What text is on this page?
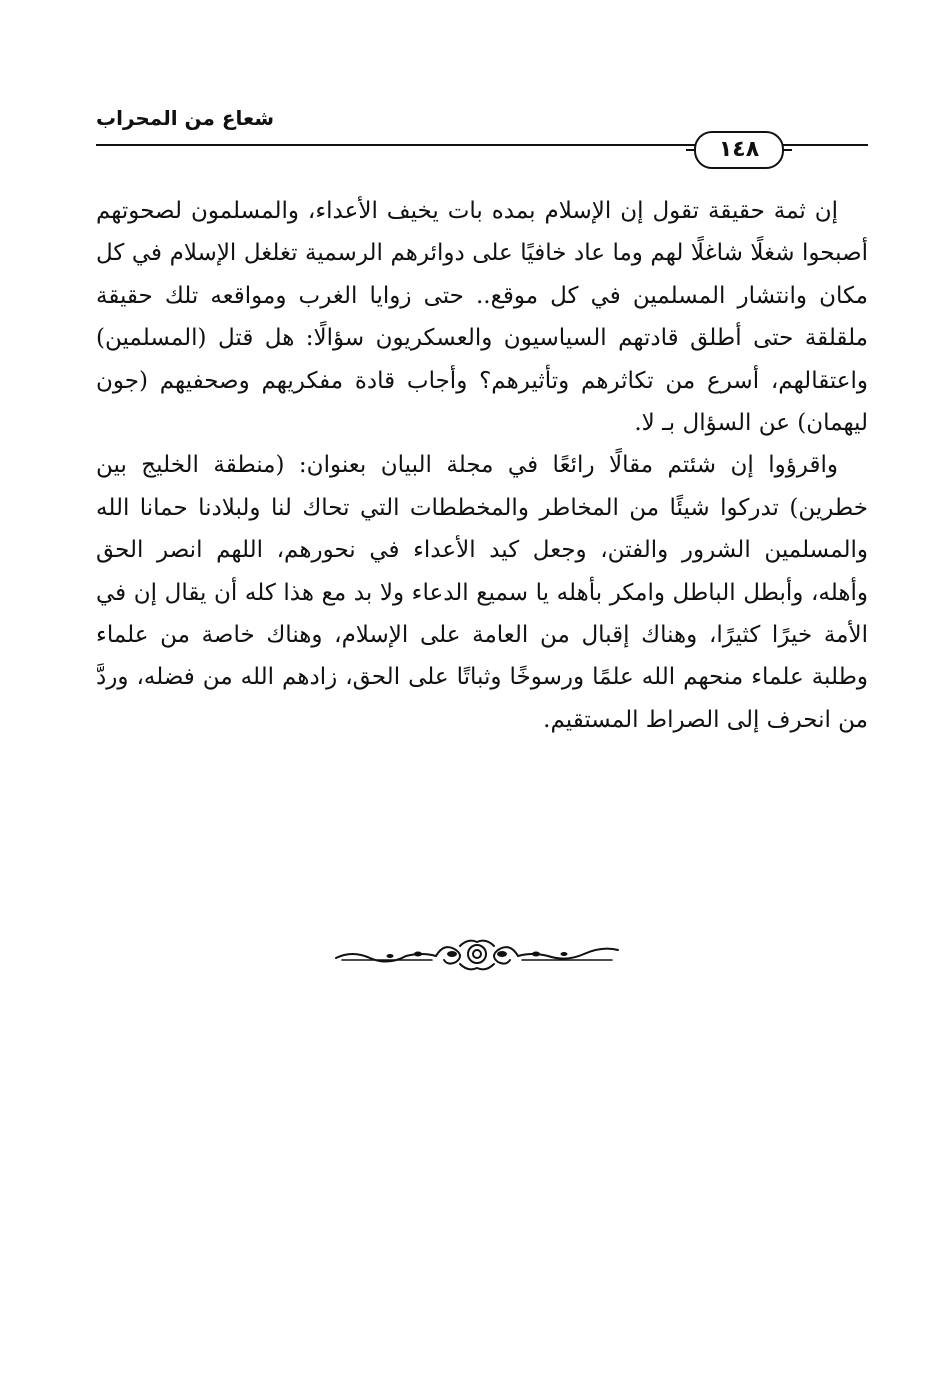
شعاع من المحراب
١٤٨

إن ثمة حقيقة تقول إن الإسلام بمده بات يخيف الأعداء، والمسلمون لصحوتهم أصبحوا شغلًا شاغلًا لهم وما عاد خافيًا على دوائرهم الرسمية تغلغل الإسلام في كل مكان وانتشار المسلمين في كل موقع.. حتى زوايا الغرب ومواقعه تلك حقيقة ملقلقة حتى أطلق قادتهم السياسيون والعسكريون سؤالًا: هل قتل (المسلمين) واعتقالهم، أسرع من تكاثرهم وتأثيرهم؟ وأجاب قادة مفكريهم وصحفيهم (جون ليهمان) عن السؤال بـ لا.

واقرؤوا إن شئتم مقالًا رائعًا في مجلة البيان بعنوان: (منطقة الخليج بين خطرين) تدركوا شيئًا من المخاطر والمخططات التي تحاك لنا ولبلادنا حمانا الله والمسلمين الشرور والفتن، وجعل كيد الأعداء في نحورهم، اللهم انصر الحق وأهله، وأبطل الباطل وامكر بأهله يا سميع الدعاء ولا بد مع هذا كله أن يقال إن في الأمة خيرًا كثيرًا، وهناك إقبال من العامة على الإسلام، وهناك خاصة من علماء وطلبة علماء منحهم الله علمًا ورسوخًا وثباتًا على الحق، زادهم الله من فضله، وردَّ من انحرف إلى الصراط المستقيم.
